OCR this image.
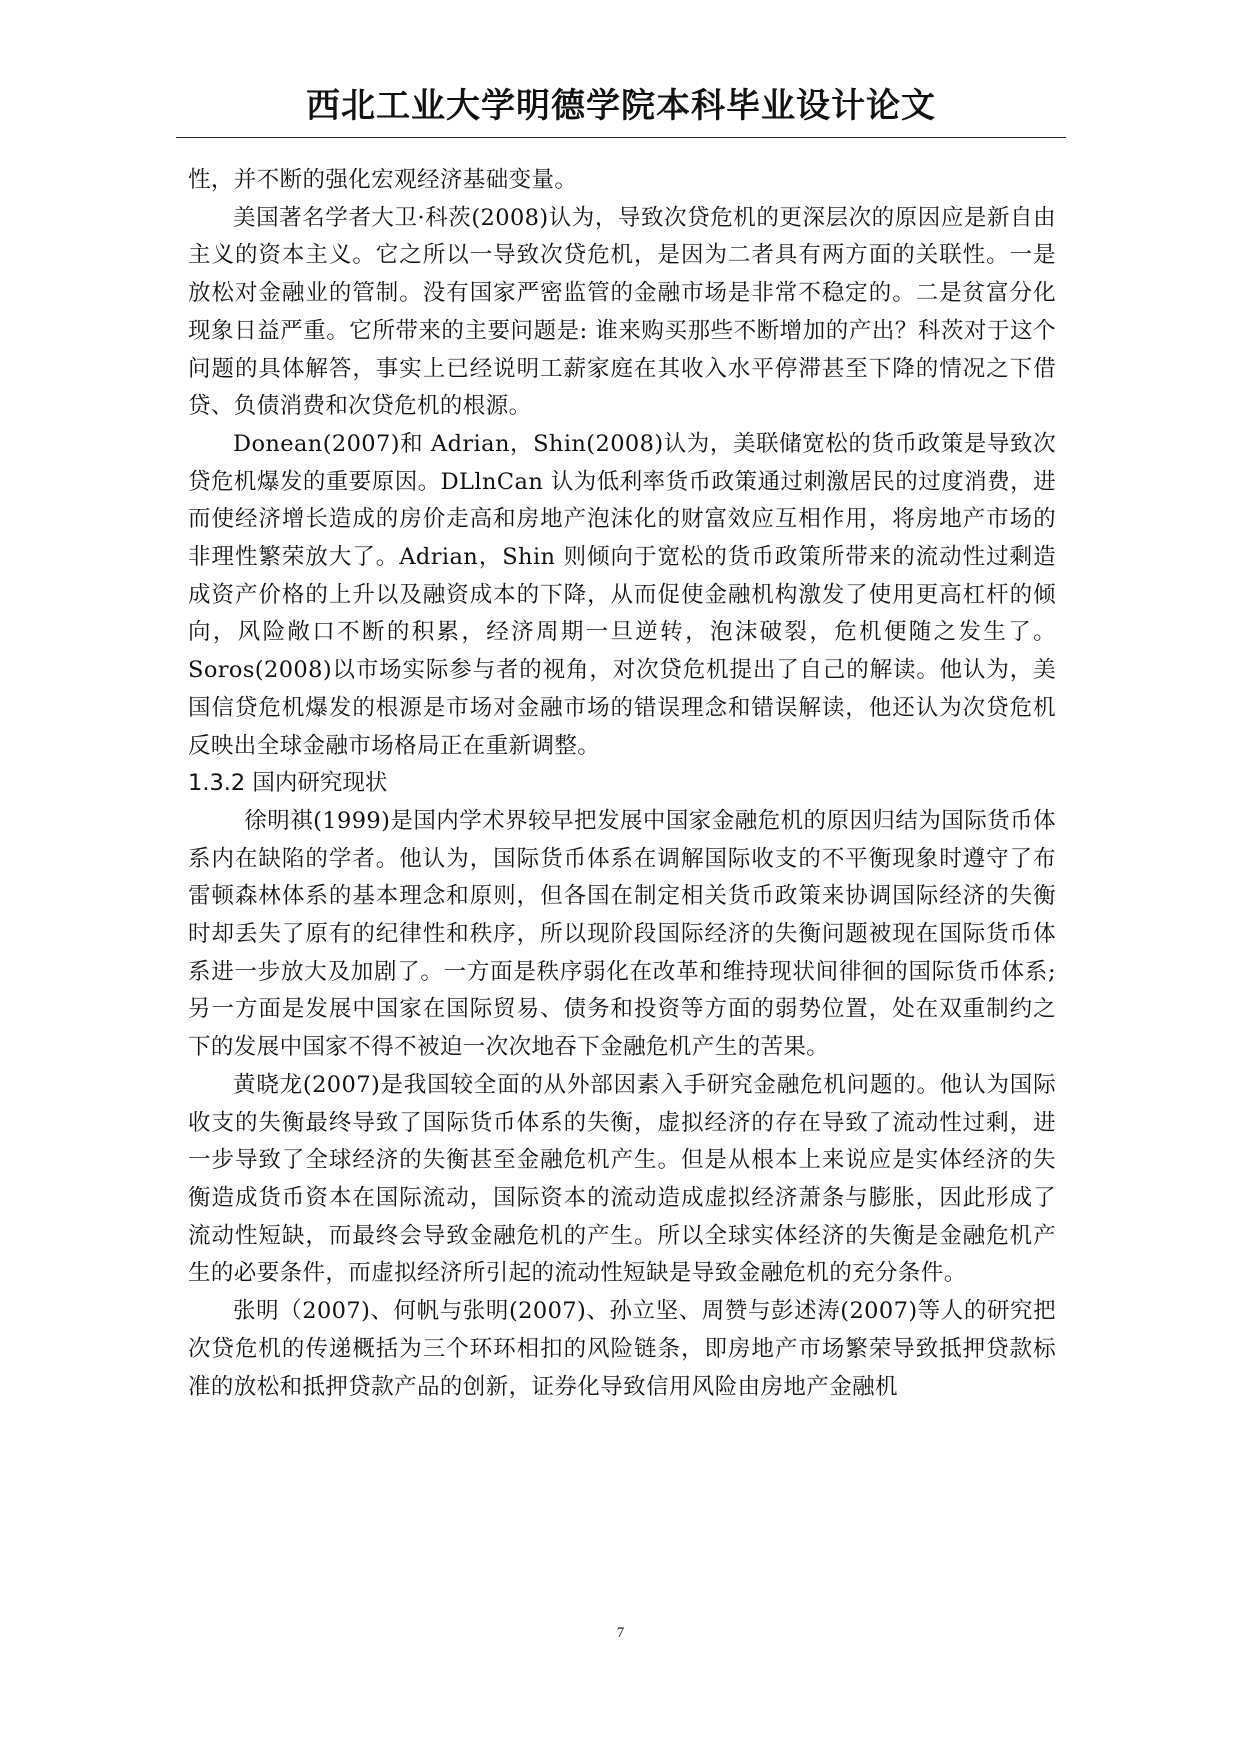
西北工业大学明德学院本科毕业设计论文

性，并不断的强化宏观经济基础变量。

美国著名学者大卫·科茨(2008)认为，导致次贷危机的更深层次的原因应是新自由主义的资本主义。它之所以一导致次贷危机，是因为二者具有两方面的关联性。一是放松对金融业的管制。没有国家严密监管的金融市场是非常不稳定的。二是贫富分化现象日益严重。它所带来的主要问题是: 谁来购买那些不断增加的产出？科茨对于这个问题的具体解答，事实上已经说明工薪家庭在其收入水平停滞甚至下降的情况之下借贷、负债消费和次贷危机的根源。

Donean(2007)和 Adrian，Shin(2008)认为，美联储宽松的货币政策是导致次贷危机爆发的重要原因。DLlnCan 认为低利率货币政策通过刺激居民的过度消费，进而使经济增长造成的房价走高和房地产泡沫化的财富效应互相作用，将房地产市场的非理性繁荣放大了。Adrian，Shin 则倾向于宽松的货币政策所带来的流动性过剩造成资产价格的上升以及融资成本的下降，从而促使金融机构激发了使用更高杠杆的倾向，风险敞口不断的积累，经济周期一旦逆转，泡沫破裂，危机便随之发生了。Soros(2008)以市场实际参与者的视角，对次贷危机提出了自己的解读。他认为，美国信贷危机爆发的根源是市场对金融市场的错误理念和错误解读，他还认为次贷危机反映出全球金融市场格局正在重新调整。

1.3.2 国内研究现状

徐明祺(1999)是国内学术界较早把发展中国家金融危机的原因归结为国际货币体系内在缺陷的学者。他认为，国际货币体系在调解国际收支的不平衡现象时遵守了布雷顿森林体系的基本理念和原则，但各国在制定相关货币政策来协调国际经济的失衡时却丢失了原有的纪律性和秩序，所以现阶段国际经济的失衡问题被现在国际货币体系进一步放大及加剧了。一方面是秩序弱化在改革和维持现状间徘徊的国际货币体系; 另一方面是发展中国家在国际贸易、债务和投资等方面的弱势位置，处在双重制约之下的发展中国家不得不被迫一次次地吞下金融危机产生的苦果。

黄晓龙(2007)是我国较全面的从外部因素入手研究金融危机问题的。他认为国际收支的失衡最终导致了国际货币体系的失衡，虚拟经济的存在导致了流动性过剩，进一步导致了全球经济的失衡甚至金融危机产生。但是从根本上来说应是实体经济的失衡造成货币资本在国际流动，国际资本的流动造成虚拟经济萧条与膨胀，因此形成了流动性短缺，而最终会导致金融危机的产生。所以全球实体经济的失衡是金融危机产生的必要条件，而虚拟经济所引起的流动性短缺是导致金融危机的充分条件。

张明（2007)、何帆与张明(2007)、孙立坚、周赞与彭述涛(2007)等人的研究把次贷危机的传递概括为三个环环相扣的风险链条，即房地产市场繁荣导致抵押贷款标准的放松和抵押贷款产品的创新，证券化导致信用风险由房地产金融机

7
